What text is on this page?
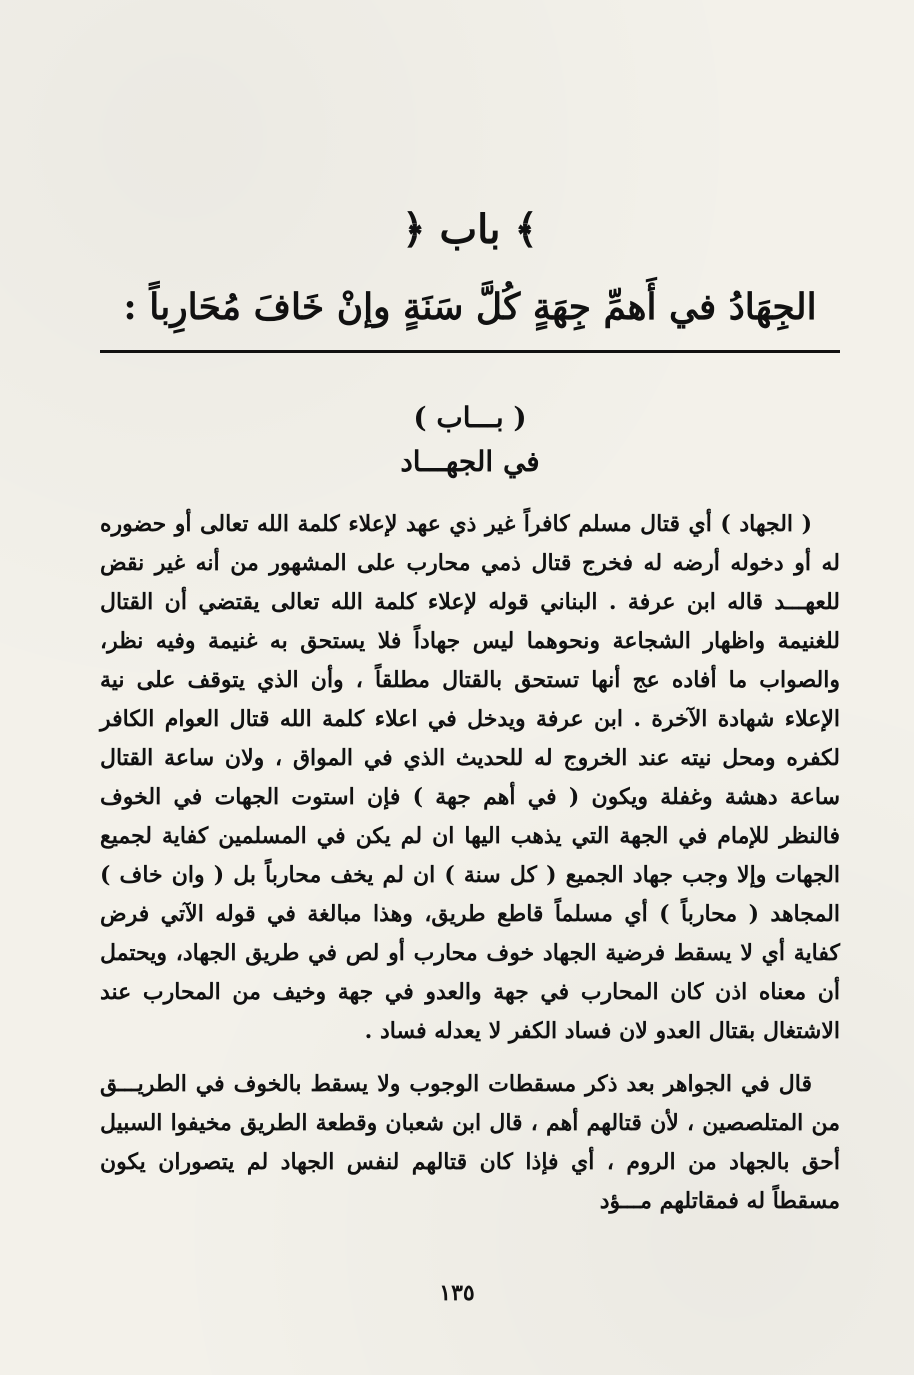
﴿ باب ﴾
الجِهَادُ في أَهمِّ جِهَةٍ كُلَّ سَنَةٍ وإنْ خَافَ مُحَارِباً :
( بـــاب )
في الجهـــاد

( الجهاد ) أي قتال مسلم كافراً غير ذي عهد لإعلاء كلمة الله تعالى أو حضوره له أو دخوله أرضه له فخرج قتال ذمي محارب على المشهور من أنه غير نقض للعهـــد قاله ابن عرفة . البناني قوله لإعلاء كلمة الله تعالى يقتضي أن القتال للغنيمة واظهار الشجاعة ونحوهما ليس جهاداً فلا يستحق به غنيمة وفيه نظر، والصواب ما أفاده عج أنها تستحق بالقتال مطلقاً ، وأن الذي يتوقف على نية الإعلاء شهادة الآخرة . ابن عرفة ويدخل في اعلاء كلمة الله قتال العوام الكافر لكفره ومحل نيته عند الخروج له للحديث الذي في المواق ، ولان ساعة القتال ساعة دهشة وغفلة ويكون ( في أهم جهة ) فإن استوت الجهات في الخوف فالنظر للإمام في الجهة التي يذهب اليها ان لم يكن في المسلمين كفاية لجميع الجهات وإلا وجب جهاد الجميع ( كل سنة ) ان لم يخف محارباً بل ( وان خاف ) المجاهد ( محارباً ) أي مسلماً قاطع طريق، وهذا مبالغة في قوله الآتي فرض كفاية أي لا يسقط فرضية الجهاد خوف محارب أو لص في طريق الجهاد، ويحتمل أن معناه اذن كان المحارب في جهة والعدو في جهة وخيف من المحارب عند الاشتغال بقتال العدو لان فساد الكفر لا يعدله فساد .

قال في الجواهر بعد ذكر مسقطات الوجوب ولا يسقط بالخوف في الطريـــق من المتلصصين ، لأن قتالهم أهم ، قال ابن شعبان وقطعة الطريق مخيفوا السبيل أحق بالجهاد من الروم ، أي فإذا كان قتالهم لنفس الجهاد لم يتصوران يكون مسقطاً له فمقاتلهم مـــؤد

١٣٥
